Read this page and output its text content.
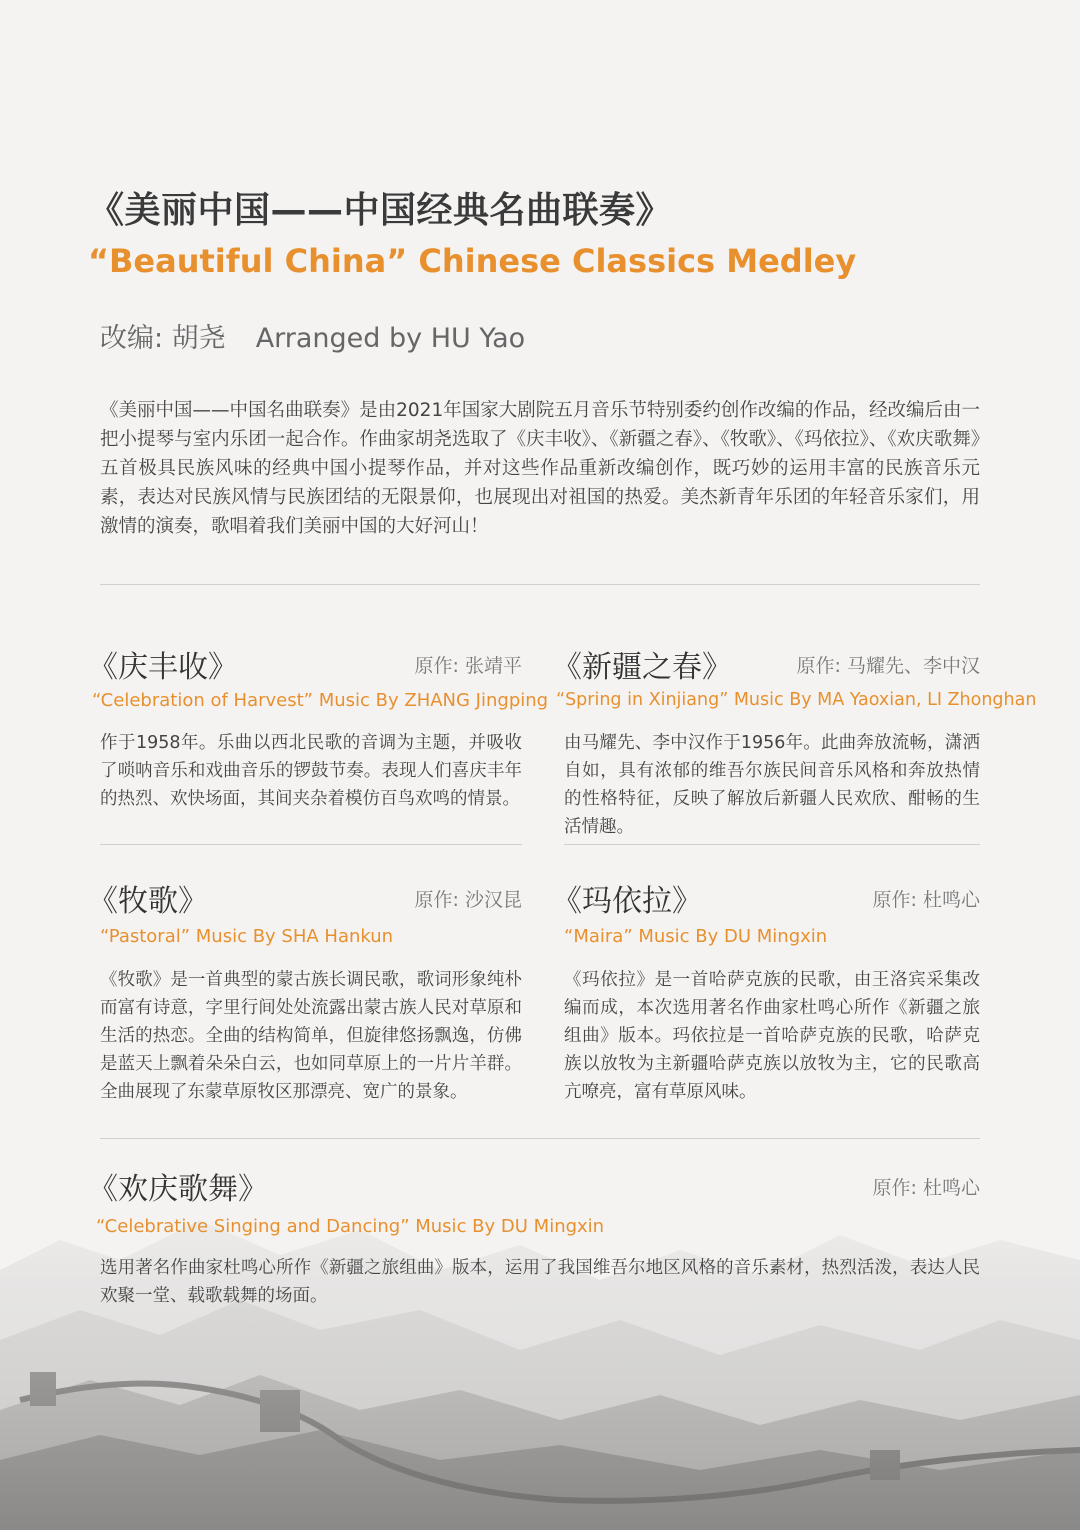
《美丽中国——中国经典名曲联奏》
“Beautiful China” Chinese Classics Medley
改编: 胡尧 Arranged by HU Yao

《美丽中国——中国名曲联奏》是由2021年国家大剧院五月音乐节特别委约创作改编的作品，经改编后由一把小提琴与室内乐团一起合作。作曲家胡尧选取了《庆丰收》、《新疆之春》、《牧歌》、《玛依拉》、《欢庆歌舞》五首极具民族风味的经典中国小提琴作品，并对这些作品重新改编创作，既巧妙的运用丰富的民族音乐元素，表达对民族风情与民族团结的无限景仰，也展现出对祖国的热爱。美杰新青年乐团的年轻音乐家们，用激情的演奏，歌唱着我们美丽中国的大好河山！

《庆丰收》	原作: 张靖平
“Celebration of Harvest” Music By ZHANG Jingping

作于1958年。乐曲以西北民歌的音调为主题，并吸收了唢呐音乐和戏曲音乐的锣鼓节奏。表现人们喜庆丰年的热烈、欢快场面，其间夹杂着模仿百鸟欢鸣的情景。

《新疆之春》	原作: 马耀先、李中汉
“Spring in Xinjiang” Music By MA Yaoxian, LI Zhonghan

由马耀先、李中汉作于1956年。此曲奔放流畅，潇洒自如，具有浓郁的维吾尔族民间音乐风格和奔放热情的性格特征，反映了解放后新疆人民欢欣、酣畅的生活情趣。

《牧歌》	原作: 沙汉昆
“Pastoral” Music By SHA Hankun

《牧歌》是一首典型的蒙古族长调民歌，歌词形象纯朴而富有诗意，字里行间处处流露出蒙古族人民对草原和生活的热恋。全曲的结构简单，但旋律悠扬飘逸，仿佛是蓝天上飘着朵朵白云，也如同草原上的一片片羊群。全曲展现了东蒙草原牧区那漂亮、宽广的景象。

《玛依拉》	原作: 杜鸣心
“Maira” Music By DU Mingxin

《玛依拉》是一首哈萨克族的民歌，由王洛宾采集改编而成，本次选用著名作曲家杜鸣心所作《新疆之旅组曲》版本。玛依拉是一首哈萨克族的民歌，哈萨克族以放牧为主新疆哈萨克族以放牧为主，它的民歌高亢嘹亮，富有草原风味。

《欢庆歌舞》	原作: 杜鸣心
“Celebrative Singing and Dancing” Music By DU Mingxin

选用著名作曲家杜鸣心所作《新疆之旅组曲》版本，运用了我国维吾尔地区风格的音乐素材，热烈活泼，表达人民欢聚一堂、载歌载舞的场面。
